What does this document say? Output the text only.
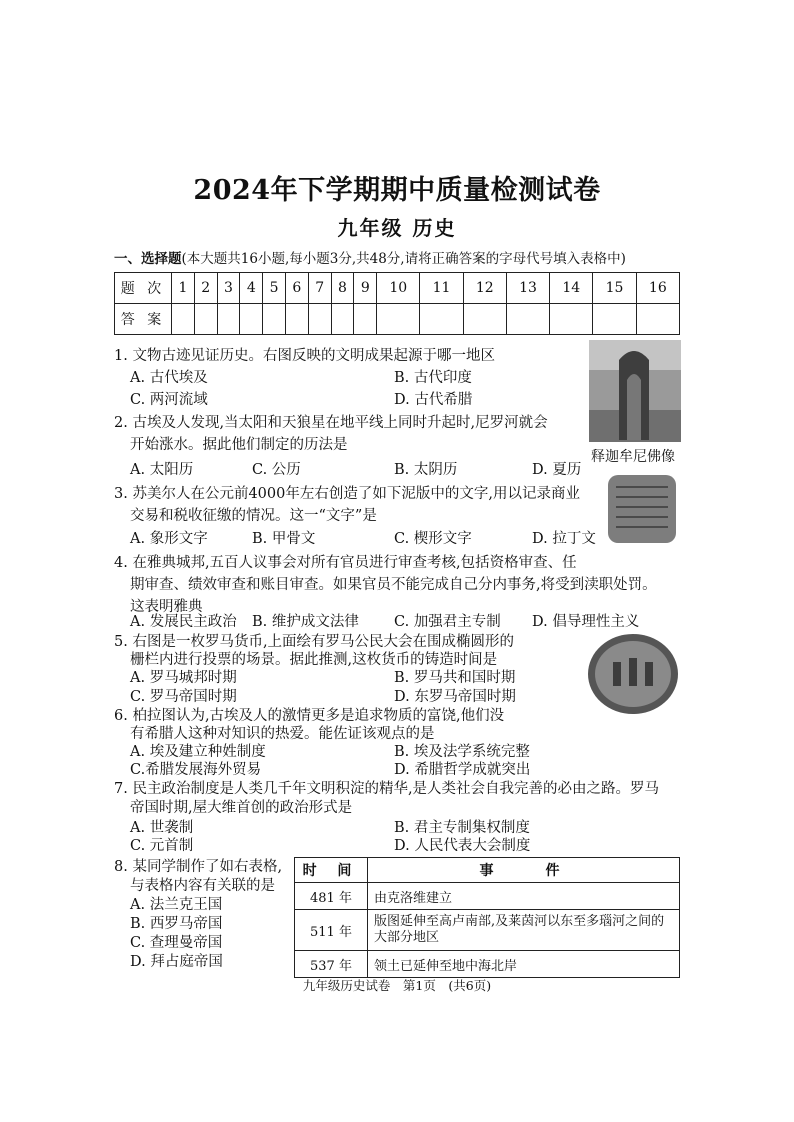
2024年下学期期中质量检测试卷
九年级 历史
一、选择题(本大题共16小题,每小题3分,共48分,请将正确答案的字母代号填入表格中)
题 次	1	2	3	4	5	6	7	8	9	10	11	12	13	14	15	16
答 案																
1. 文物古迹见证历史。右图反映的文明成果起源于哪一地区
A. 古代埃及	B. 古代印度
C. 两河流域	D. 古代希腊
释迦牟尼佛像
2. 古埃及人发现,当太阳和天狼星在地平线上同时升起时,尼罗河就会
开始涨水。据此他们制定的历法是
A. 太阳历	C. 公历	B. 太阴历	D. 夏历
3. 苏美尔人在公元前4000年左右创造了如下泥版中的文字,用以记录商业
交易和税收征缴的情况。这一“文字”是
A. 象形文字	B. 甲骨文	C. 楔形文字	D. 拉丁文
4. 在雅典城邦,五百人议事会对所有官员进行审查考核,包括资格审查、任
期审查、绩效审查和账目审查。如果官员不能完成自己分内事务,将受到渎职处罚。
这表明雅典
A. 发展民主政治 B. 维护成文法律 C. 加强君主专制 D. 倡导理性主义
5. 右图是一枚罗马货币,上面绘有罗马公民大会在围成椭圆形的
栅栏内进行投票的场景。据此推测,这枚货币的铸造时间是
A. 罗马城邦时期	B. 罗马共和国时期
C. 罗马帝国时期	D. 东罗马帝国时期
6. 柏拉图认为,古埃及人的激情更多是追求物质的富饶,他们没
有希腊人这种对知识的热爱。能佐证该观点的是
A. 埃及建立种姓制度	B. 埃及法学系统完整
C.希腊发展海外贸易	D. 希腊哲学成就突出
7. 民主政治制度是人类几千年文明积淀的精华,是人类社会自我完善的必由之路。罗马
帝国时期,屋大维首创的政治形式是
A. 世袭制	B. 君主专制集权制度
C. 元首制	D. 人民代表大会制度
8. 某同学制作了如右表格,
与表格内容有关联的是
A. 法兰克王国
B. 西罗马帝国
C. 查理曼帝国
D. 拜占庭帝国
时 间	事　　件
481 年	由克洛维建立
511 年	版图延伸至高卢南部,及莱茵河以东至多瑙河之间的大部分地区
537 年	领土已延伸至地中海北岸
九年级历史试卷　第1页　(共6页)
